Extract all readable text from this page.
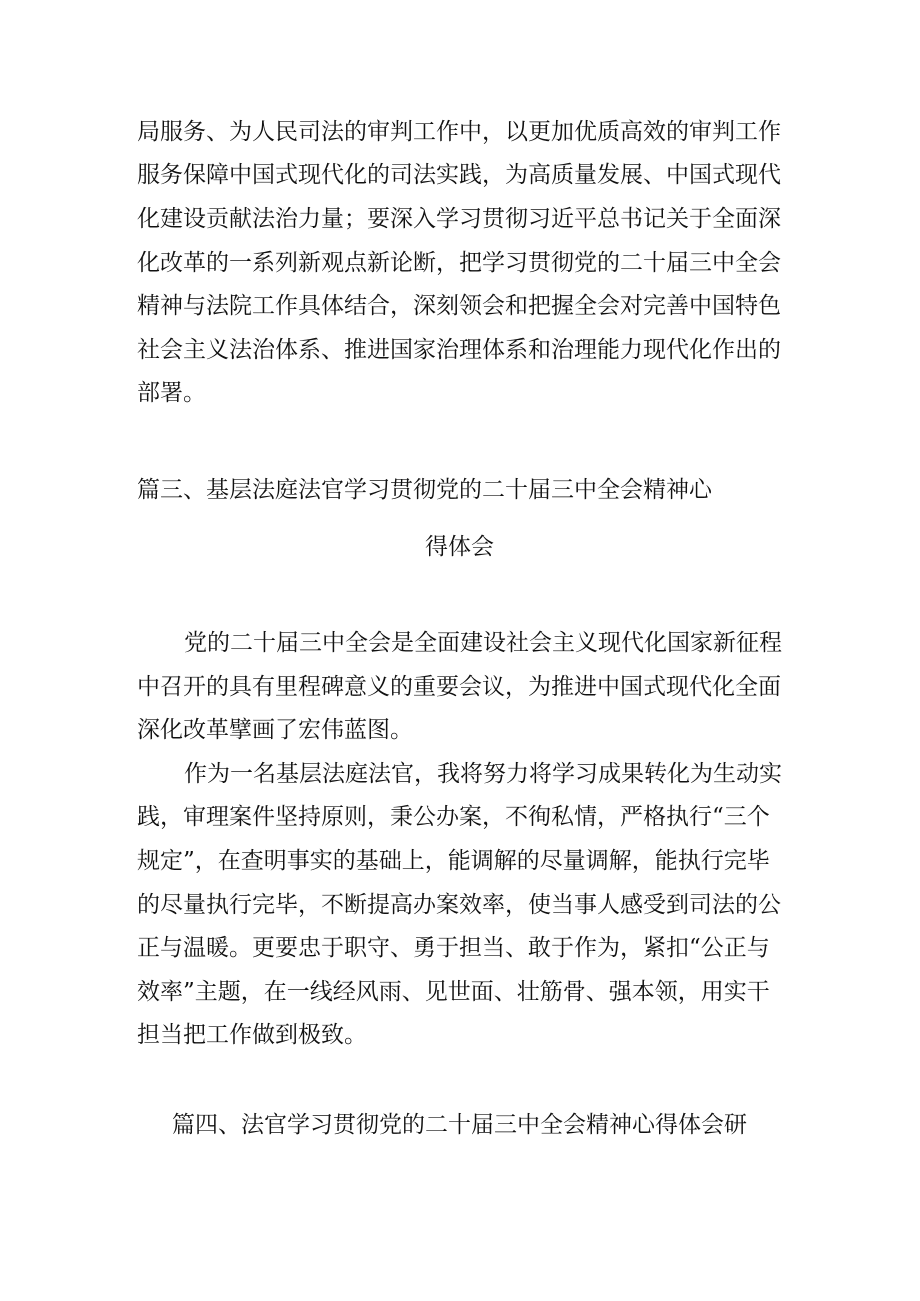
局服务、为人民司法的审判工作中，以更加优质高效的审判工作
服务保障中国式现代化的司法实践，为高质量发展、中国式现代
化建设贡献法治力量；要深入学习贯彻习近平总书记关于全面深
化改革的一系列新观点新论断，把学习贯彻党的二十届三中全会
精神与法院工作具体结合，深刻领会和把握全会对完善中国特色
社会主义法治体系、推进国家治理体系和治理能力现代化作出的
部署。
篇三、基层法庭法官学习贯彻党的二十届三中全会精神心
得体会
党的二十届三中全会是全面建设社会主义现代化国家新征程
中召开的具有里程碑意义的重要会议，为推进中国式现代化全面
深化改革擘画了宏伟蓝图。
作为一名基层法庭法官，我将努力将学习成果转化为生动实
践，审理案件坚持原则，秉公办案，不徇私情，严格执行“三个
规定”，在查明事实的基础上，能调解的尽量调解，能执行完毕
的尽量执行完毕，不断提高办案效率，使当事人感受到司法的公
正与温暖。更要忠于职守、勇于担当、敢于作为，紧扣“公正与
效率”主题，在一线经风雨、见世面、壮筋骨、强本领，用实干
担当把工作做到极致。
篇四、法官学习贯彻党的二十届三中全会精神心得体会研
